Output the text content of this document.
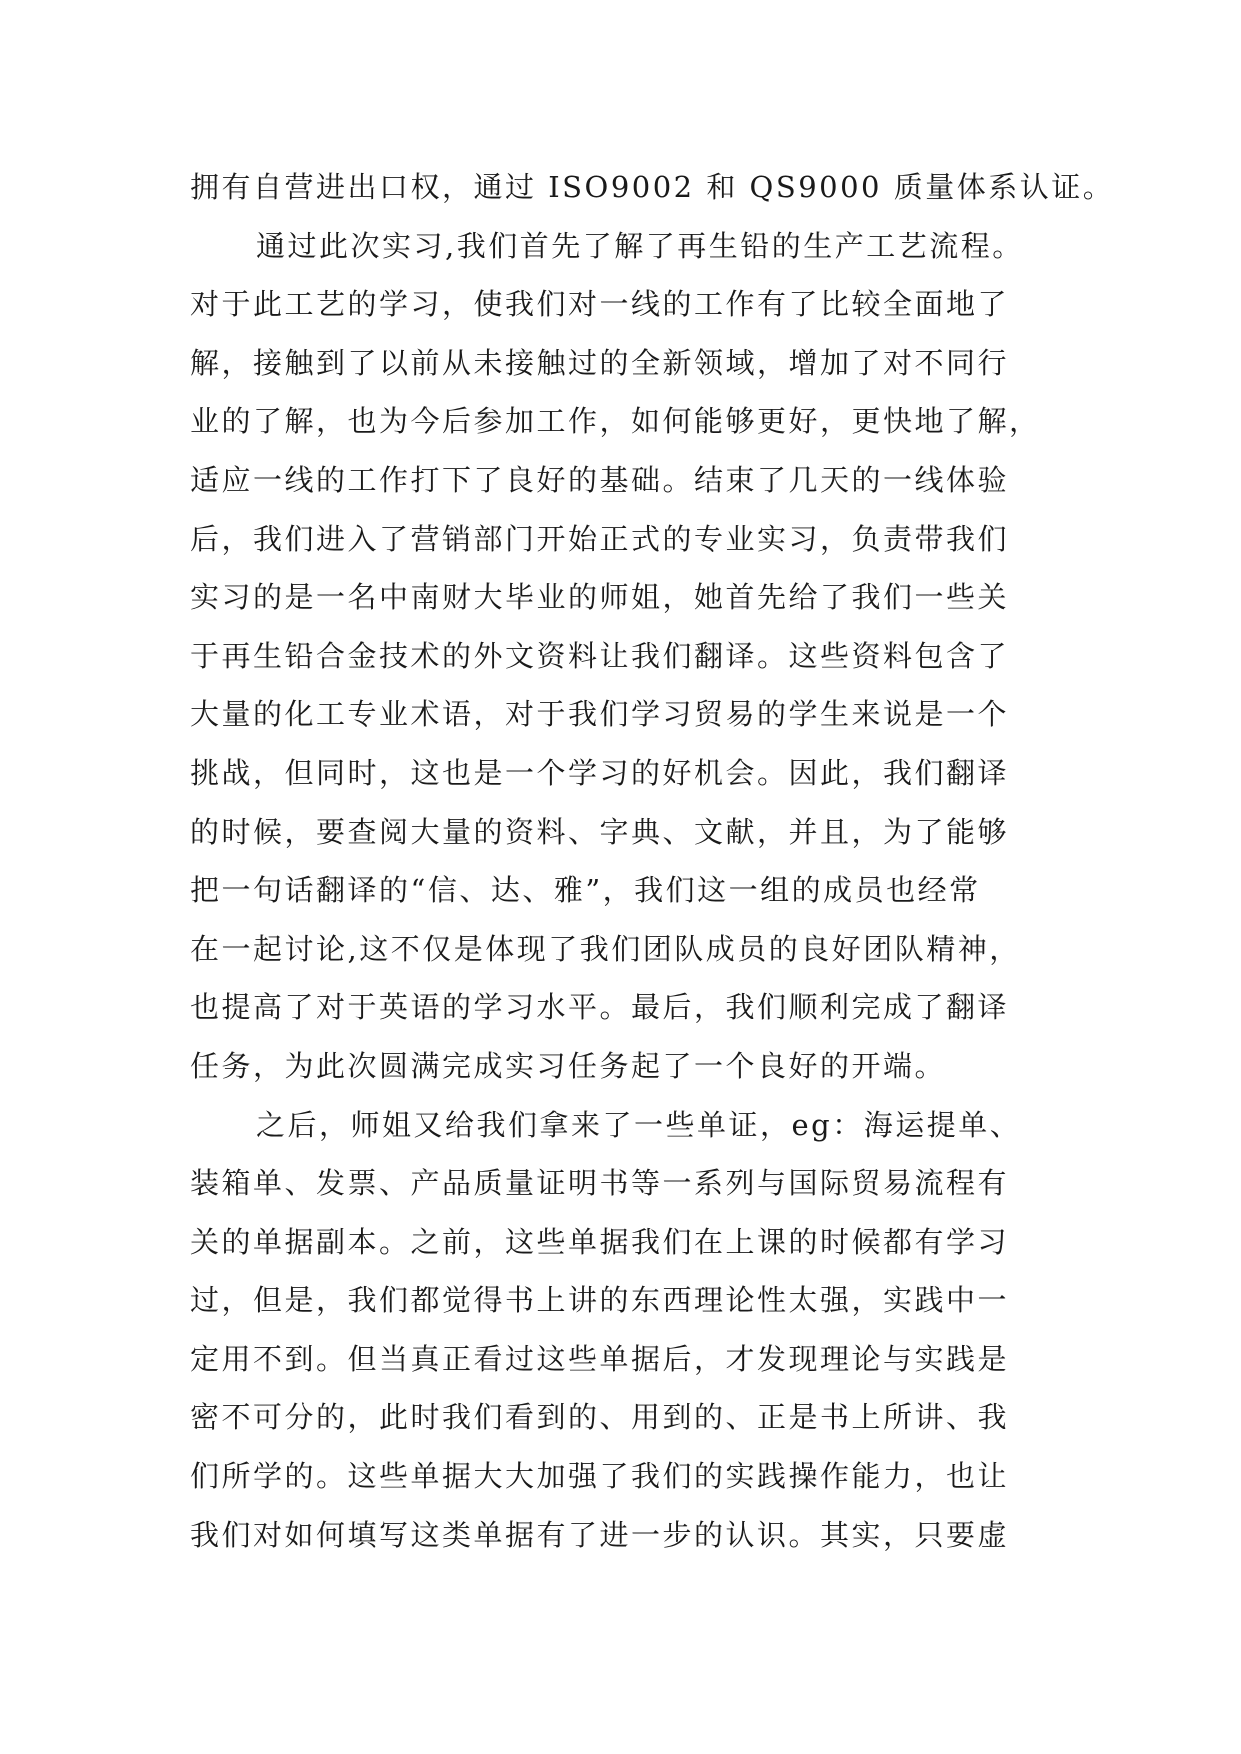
拥有自营进出口权，通过 ISO9002 和 QS9000 质量体系认证。
通过此次实习,我们首先了解了再生铅的生产工艺流程。
对于此工艺的学习，使我们对一线的工作有了比较全面地了
解，接触到了以前从未接触过的全新领域，增加了对不同行
业的了解，也为今后参加工作，如何能够更好，更快地了解，
适应一线的工作打下了良好的基础。结束了几天的一线体验
后，我们进入了营销部门开始正式的专业实习，负责带我们
实习的是一名中南财大毕业的师姐，她首先给了我们一些关
于再生铅合金技术的外文资料让我们翻译。这些资料包含了
大量的化工专业术语，对于我们学习贸易的学生来说是一个
挑战，但同时，这也是一个学习的好机会。因此，我们翻译
的时候，要查阅大量的资料、字典、文献，并且，为了能够
把一句话翻译的“信、达、雅”，我们这一组的成员也经常
在一起讨论,这不仅是体现了我们团队成员的良好团队精神，
也提高了对于英语的学习水平。最后，我们顺利完成了翻译
任务，为此次圆满完成实习任务起了一个良好的开端。
之后，师姐又给我们拿来了一些单证，eg：海运提单、
装箱单、发票、产品质量证明书等一系列与国际贸易流程有
关的单据副本。之前，这些单据我们在上课的时候都有学习
过，但是，我们都觉得书上讲的东西理论性太强，实践中一
定用不到。但当真正看过这些单据后，才发现理论与实践是
密不可分的，此时我们看到的、用到的、正是书上所讲、我
们所学的。这些单据大大加强了我们的实践操作能力，也让
我们对如何填写这类单据有了进一步的认识。其实，只要虚
